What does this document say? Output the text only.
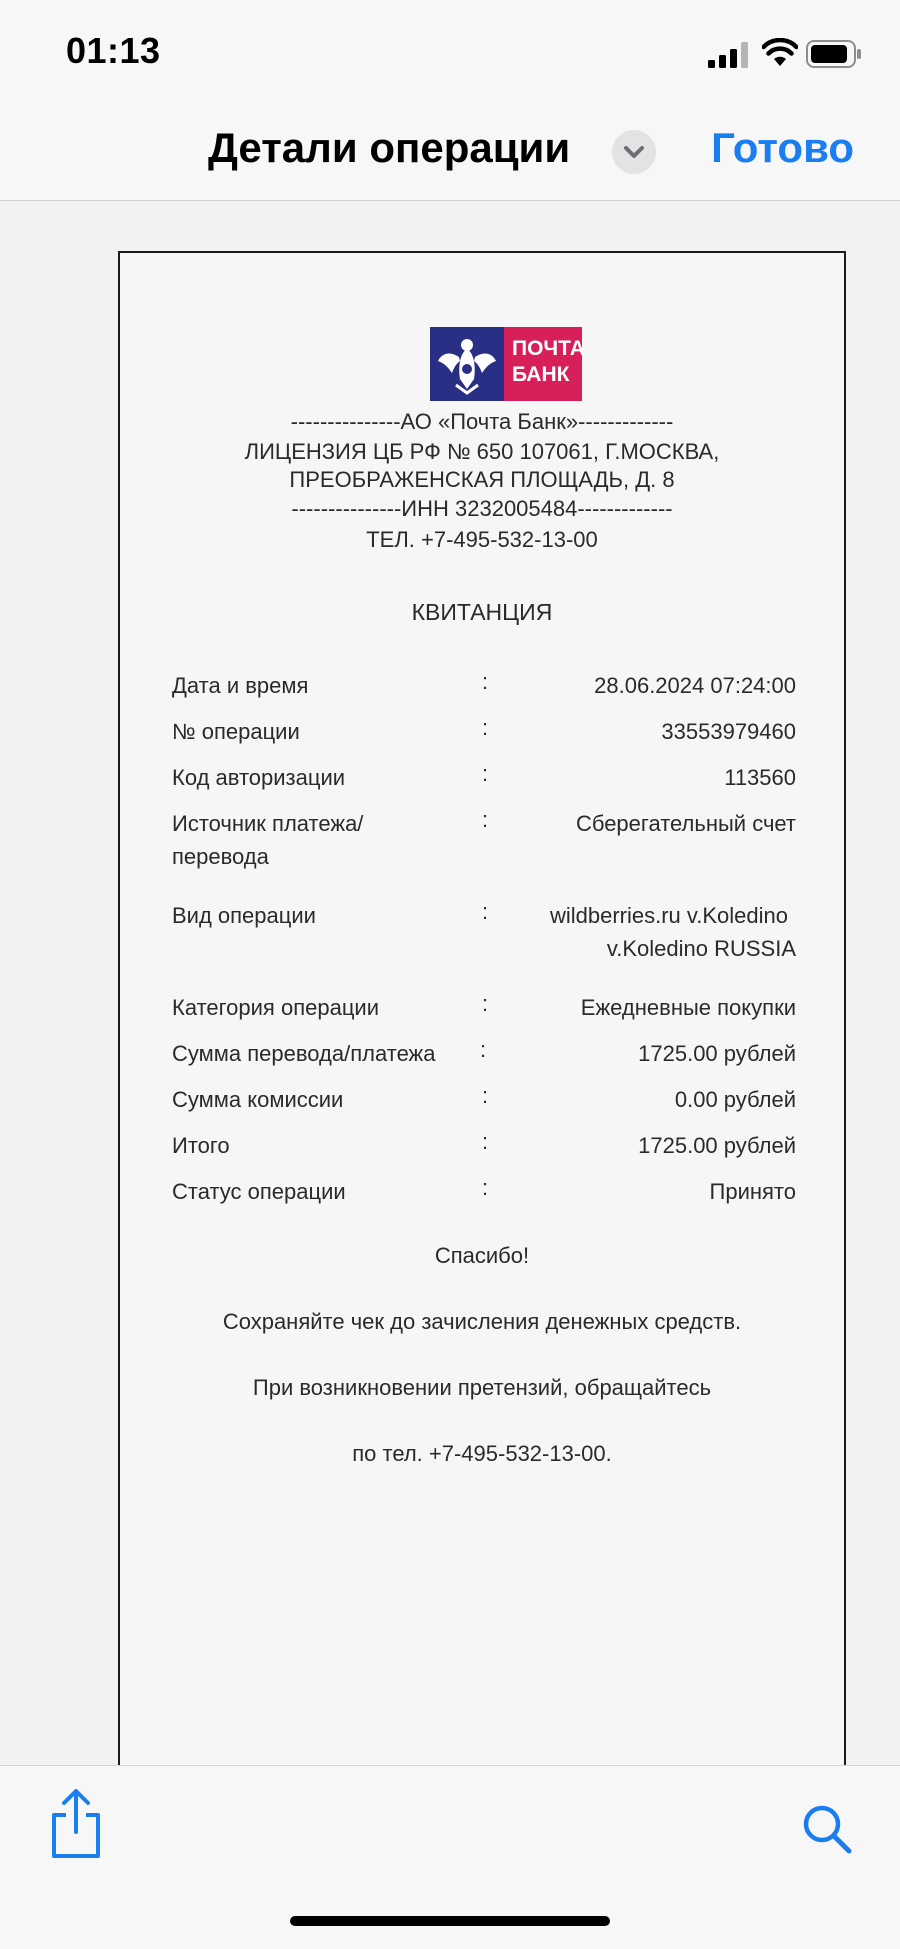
01:13
Детали операции	Готово
ПОЧТА
БАНК
---------------АО «Почта Банк»-------------
ЛИЦЕНЗИЯ ЦБ РФ № 650 107061, Г.МОСКВА,
ПРЕОБРАЖЕНСКАЯ ПЛОЩАДЬ, Д. 8
---------------ИНН 3232005484-------------
ТЕЛ. +7-495-532-13-00
КВИТАНЦИЯ
Дата и время	:	28.06.2024 07:24:00
№ операции	:	33553979460
Код авторизации	:	113560
Источник платежа/перевода
:	Сберегательный счет
Вид операции	:	wildberries.ru v.Koledino
v.Koledino RUSSIA
Категория операции	:	Ежедневные покупки
Сумма перевода/платежа	:	1725.00 рублей
Сумма комиссии	:	0.00 рублей
Итого	:	1725.00 рублей
Статус операции	:	Принято
Спасибо!
Сохраняйте чек до зачисления денежных средств.
При возникновении претензий, обращайтесь
по тел. +7-495-532-13-00.
